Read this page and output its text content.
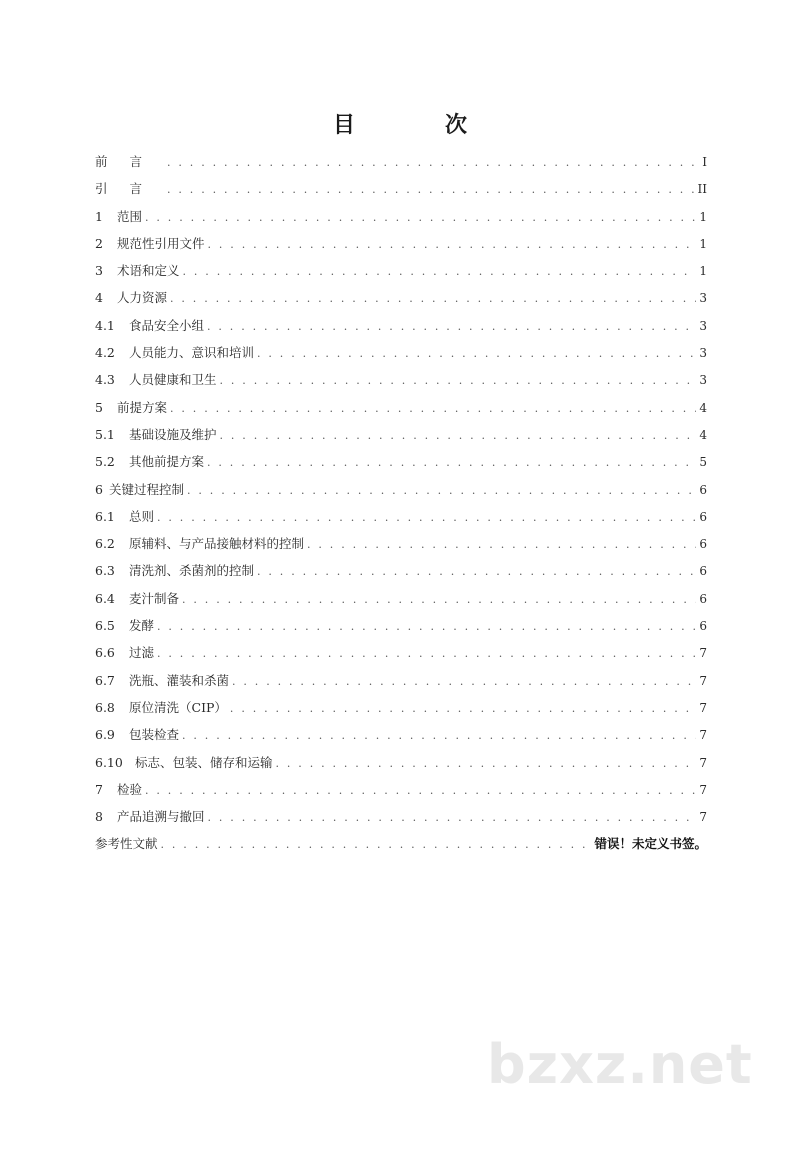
目　次
前言 . . .	I
引言 . . .	II
1	范围 . . .	1
2	规范性引用文件 . . .	1
3	术语和定义 . . .	1
4	人力资源 . . .	3
4.1	食品安全小组 . . .	3
4.2	人员能力、意识和培训 . . .	3
4.3	人员健康和卫生 . . .	3
5	前提方案 . . .	4
5.1	基础设施及维护 . . .	4
5.2	其他前提方案 . . .	5
6 关键过程控制 . . .	6
6.1	总则 . . .	6
6.2	原辅料、与产品接触材料的控制 . . .	6
6.3	清洗剂、杀菌剂的控制 . . .	6
6.4	麦汁制备 . . .	6
6.5	发酵 . . .	6
6.6	过滤 . . .	7
6.7	洗瓶、灌装和杀菌 . . .	7
6.8	原位清洗（CIP） . . .	7
6.9	包装检查 . . .	7
6.10 标志、包装、储存和运输 . . .	7
7	检验 . . .	7
8	产品追溯与撤回 . . .	7
参考性文献 . . .	错误！未定义书签。
bzxz.net
